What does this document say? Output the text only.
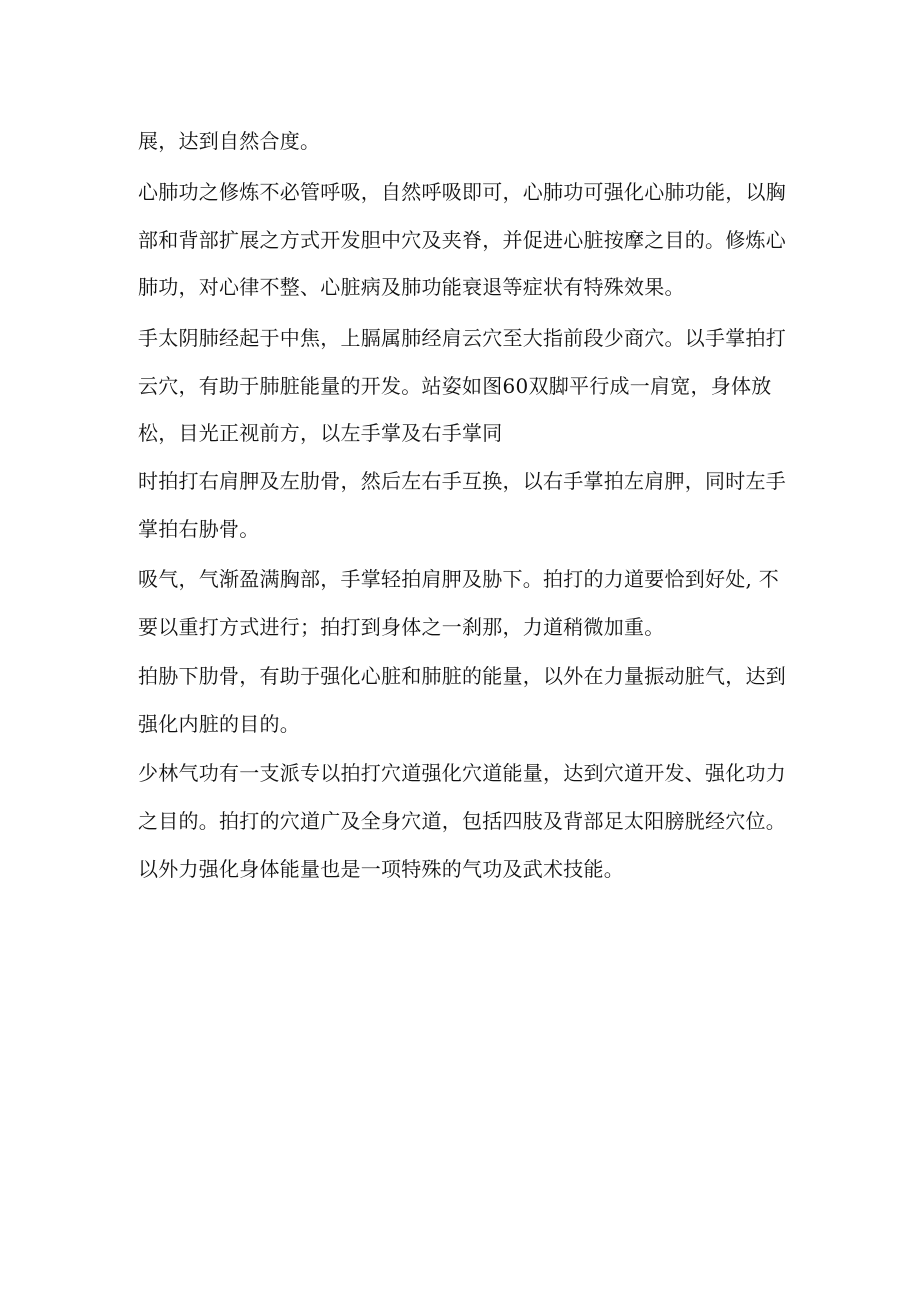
展，达到自然合度。
心肺功之修炼不必管呼吸，自然呼吸即可，心肺功可强化心肺功能，以胸
部和背部扩展之方式开发胆中穴及夹脊，并促进心脏按摩之目的。修炼心
肺功，对心律不整、心脏病及肺功能衰退等症状有特殊效果。
手太阴肺经起于中焦，上膈属肺经肩云穴至大指前段少商穴。以手掌拍打
云穴，有助于肺脏能量的开发。站姿如图60双脚平行成一肩宽，身体放
松，目光正视前方，以左手掌及右手掌同
时拍打右肩胛及左肋骨，然后左右手互换，以右手掌拍左肩胛，同时左手
掌拍右胁骨。
吸气，气渐盈满胸部，手掌轻拍肩胛及胁下。拍打的力道要恰到好处, 不
要以重打方式进行；拍打到身体之一刹那，力道稍微加重。
拍胁下肋骨，有助于强化心脏和肺脏的能量，以外在力量振动脏气，达到
强化内脏的目的。
少林气功有一支派专以拍打穴道强化穴道能量，达到穴道开发、强化功力
之目的。拍打的穴道广及全身穴道，包括四肢及背部足太阳膀胱经穴位。
以外力强化身体能量也是一项特殊的气功及武术技能。
